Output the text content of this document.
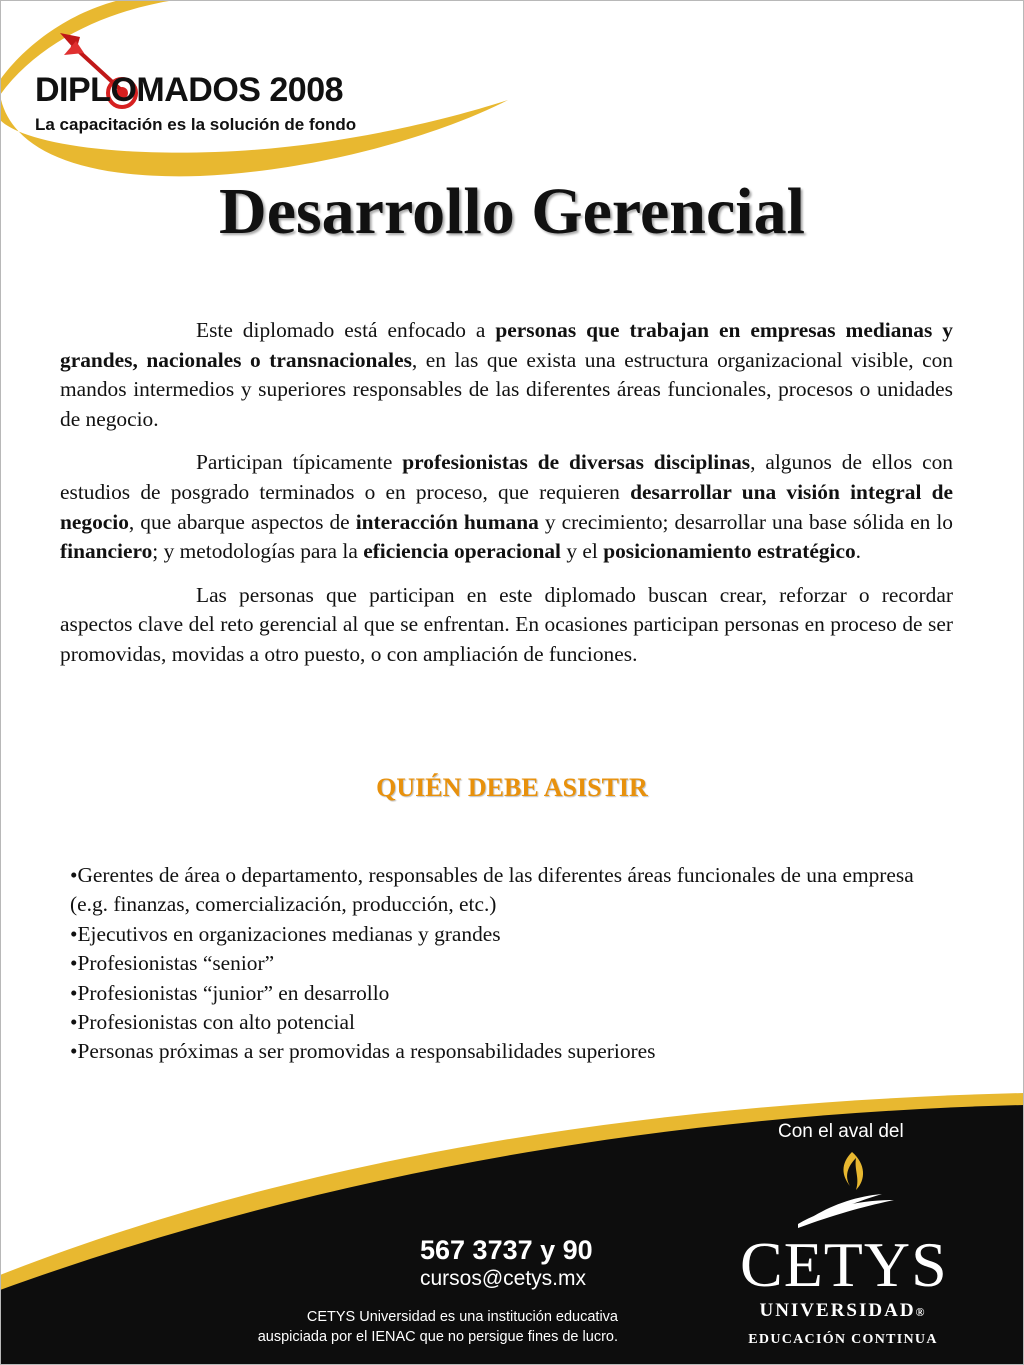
DIPLOMADOS 2008
La capacitación es la solución de fondo
Desarrollo Gerencial

Este diplomado está enfocado a personas que trabajan en empresas medianas y grandes, nacionales o transnacionales, en las que exista una estructura organizacional visible, con mandos intermedios y superiores responsables de las diferentes áreas funcionales, procesos o unidades de negocio.

Participan típicamente profesionistas de diversas disciplinas, algunos de ellos con estudios de posgrado terminados o en proceso, que requieren desarrollar una visión integral de negocio, que abarque aspectos de interacción humana y crecimiento; desarrollar una base sólida en lo financiero; y metodologías para la eficiencia operacional y el posicionamiento estratégico.

Las personas que participan en este diplomado buscan crear, reforzar o recordar aspectos clave del reto gerencial al que se enfrentan. En ocasiones participan personas en proceso de ser promovidas, movidas a otro puesto, o con ampliación de funciones.

QUIÉN DEBE ASISTIR
•Gerentes de área o departamento, responsables de las diferentes áreas funcionales de una empresa (e.g. finanzas, comercialización, producción, etc.)
•Ejecutivos en organizaciones medianas y grandes
•Profesionistas “senior”
•Profesionistas “junior” en desarrollo
•Profesionistas con alto potencial
•Personas próximas a ser promovidas a responsabilidades superiores
Con el aval del
567 3737 y 90
cursos@cetys.mx
CETYS Universidad es una institución educativa
auspiciada por el IENAC que no persigue fines de lucro.
CETYS
UNIVERSIDAD®
EDUCACIÓN CONTINUA
